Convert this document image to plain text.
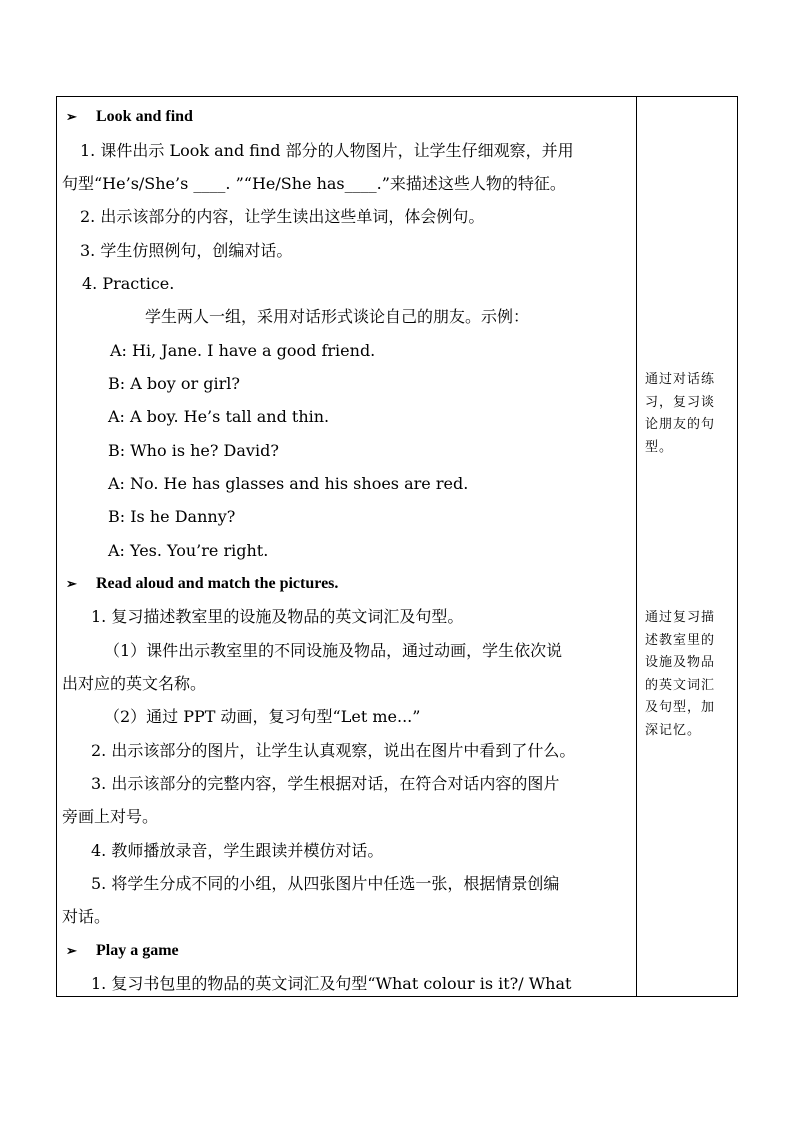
➢ Look and find
1. 课件出示 Look and find 部分的人物图片，让学生仔细观察，并用
句型“He’s/She’s ____. ”“He/She has____.”来描述这些人物的特征。
2. 出示该部分的内容，让学生读出这些单词，体会例句。
3. 学生仿照例句，创编对话。
4. Practice.
学生两人一组，采用对话形式谈论自己的朋友。示例：
A: Hi, Jane. I have a good friend.
B: A boy or girl?
A: A boy. He’s tall and thin.
B: Who is he? David?
A: No. He has glasses and his shoes are red.
B: Is he Danny?
A: Yes. You’re right.
➢ Read aloud and match the pictures.
1. 复习描述教室里的设施及物品的英文词汇及句型。
（1）课件出示教室里的不同设施及物品，通过动画，学生依次说
出对应的英文名称。
（2）通过 PPT 动画，复习句型“Let me...”
2. 出示该部分的图片，让学生认真观察，说出在图片中看到了什么。
3. 出示该部分的完整内容，学生根据对话，在符合对话内容的图片
旁画上对号。
4. 教师播放录音，学生跟读并模仿对话。
5. 将学生分成不同的小组，从四张图片中任选一张，根据情景创编
对话。
➢ Play a game
1. 复习书包里的物品的英文词汇及句型“What colour is it?/ What
通过对话练
习，复习谈
论朋友的句
型。
通过复习描
述教室里的
设施及物品
的英文词汇
及句型，加
深记忆。
